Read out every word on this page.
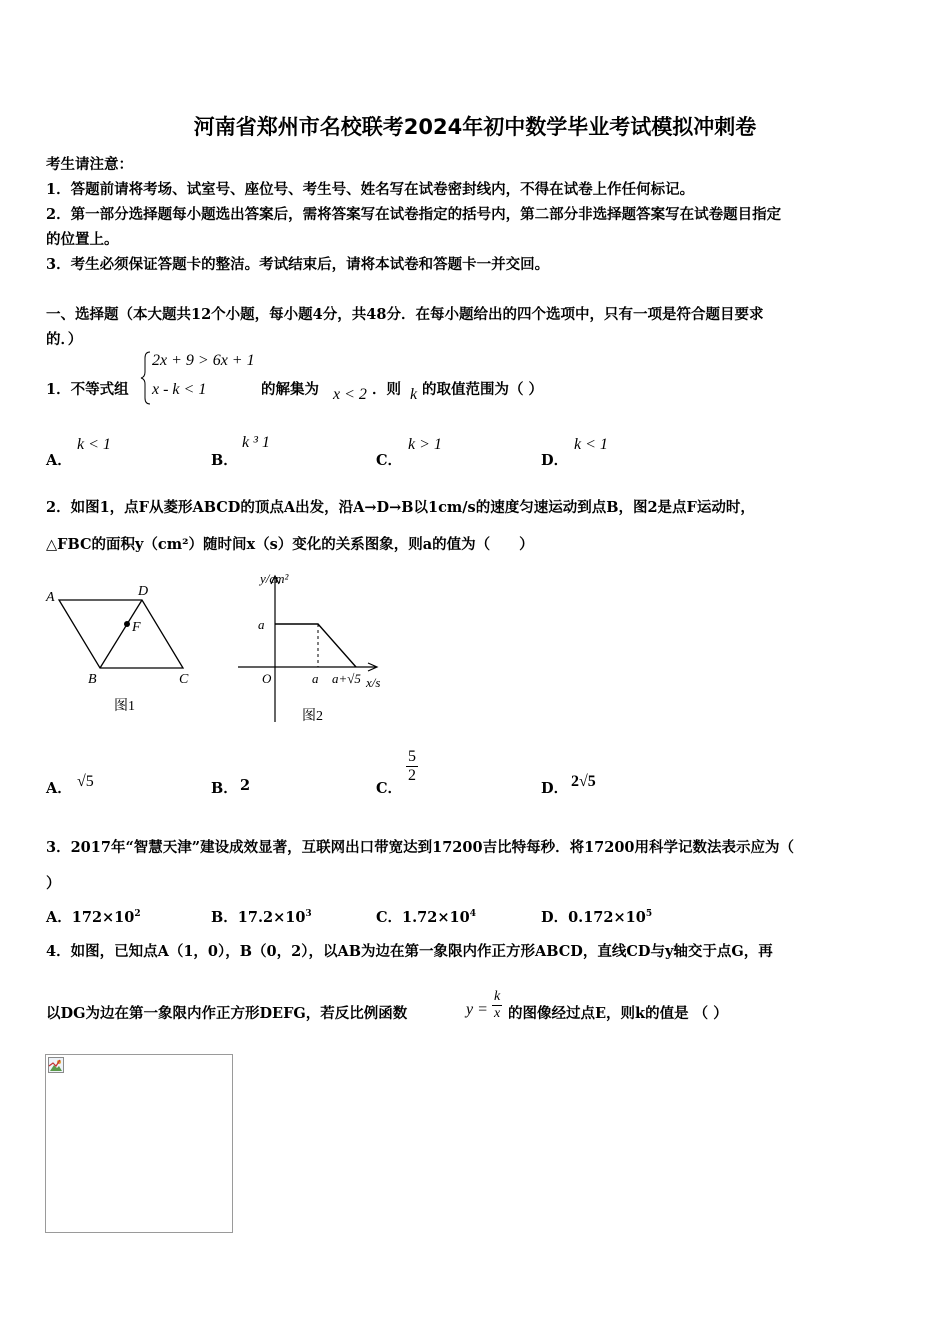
河南省郑州市名校联考2024年初中数学毕业考试模拟冲刺卷
考生请注意：
1．答题前请将考场、试室号、座位号、考生号、姓名写在试卷密封线内，不得在试卷上作任何标记。
2．第一部分选择题每小题选出答案后，需将答案写在试卷指定的括号内，第二部分非选择题答案写在试卷题目指定
的位置上。
3．考生必须保证答题卡的整洁。考试结束后，请将本试卷和答题卡一并交回。
一、选择题（本大题共12个小题，每小题4分，共48分．在每小题给出的四个选项中，只有一项是符合题目要求
的．）
1．不等式组
2x + 9 > 6x + 1
x - k < 1	的解集为 x < 2 ．则 k 的取值范围为（ ）
A．
k < 1
B．
k ³ 1
C．
k > 1
D．
k < 1
2．如图1，点F从菱形ABCD的顶点A出发，沿A→D→B以1cm/s的速度匀速运动到点B，图2是点F运动时，
△FBC的面积y（cm²）随时间x（s）变化的关系图象，则a的值为（　　）
A	D
F
B	C
图1
y/cm²
a
O	a a+√5 x/s
图2
A． √5	B． 2	C．
$\frac{5}{2}$
D． 2√5
3．2017年“智慧天津”建设成效显著，互联网出口带宽达到17200吉比特每秒．将17200用科学记数法表示应为（
）
A．$172\times 10^2$	B．$17.2\times 10^3$	C．$1.72\times 10^4$	D．$0.172\times 10^5$
4．如图，已知点A（1，0），B（0，2），以AB为边在第一象限内作正方形ABCD，直线CD与y轴交于点G，再
以DG为边在第一象限内作正方形DEFG，若反比例函数	$y = \frac{k}{x}$ 的图像经过点E，则k的值是 （ ）
